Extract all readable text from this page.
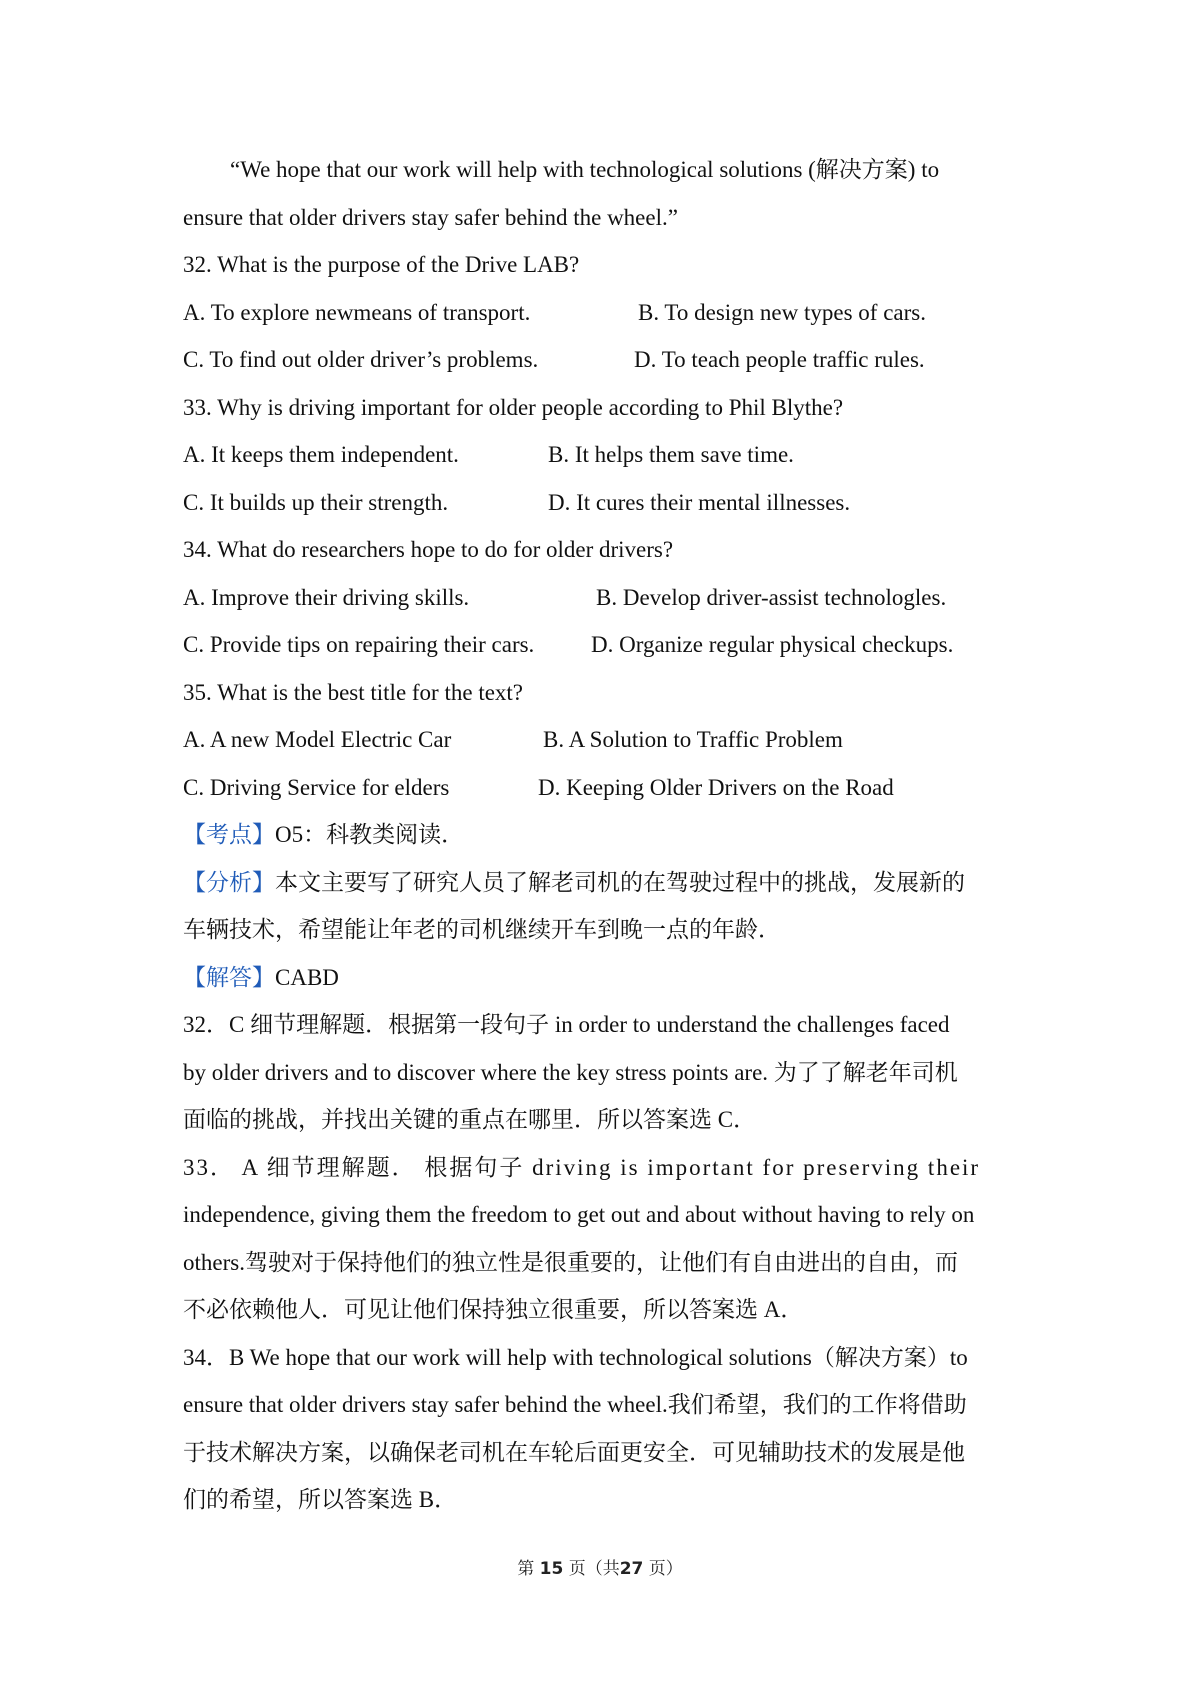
“We hope that our work will help with technological solutions (解决方案) to
ensure that older drivers stay safer behind the wheel.”
32. What is the purpose of the Drive LAB?
A. To explore newmeans of transport.	B. To design new types of cars.
C. To find out older driver’s problems.	D. To teach people traffic rules.
33. Why is driving important for older people according to Phil Blythe?
A. It keeps them independent.	B. It helps them save time.
C. It builds up their strength.	D. It cures their mental illnesses.
34. What do researchers hope to do for older drivers?
A. Improve their driving skills.	B. Develop driver-assist technologles.
C. Provide tips on repairing their cars. D. Organize regular physical checkups.
35. What is the best title for the text?
A. A new Model Electric Car	B. A Solution to Traffic Problem
C. Driving Service for elders	D. Keeping Older Drivers on the Road
【考点】O5：科教类阅读．
【分析】本文主要写了研究人员了解老司机的在驾驶过程中的挑战，发展新的
车辆技术，希望能让年老的司机继续开车到晚一点的年龄．
【解答】CABD
32．C 细节理解题．根据第一段句子 in order to understand the challenges faced
by older drivers and to discover where the key stress points are. 为了了解老年司机
面临的挑战，并找出关键的重点在哪里．所以答案选 C．
33． A 细节理解题． 根据句子 driving is important for preserving their
independence, giving them the freedom to get out and about without having to rely on
others.驾驶对于保持他们的独立性是很重要的，让他们有自由进出的自由，而
不必依赖他人．可见让他们保持独立很重要，所以答案选 A．
34．B We hope that our work will help with technological solutions（解决方案）to
ensure that older drivers stay safer behind the wheel.我们希望，我们的工作将借助
于技术解决方案，以确保老司机在车轮后面更安全．可见辅助技术的发展是他
们的希望，所以答案选 B．
第 15 页（共27 页）
